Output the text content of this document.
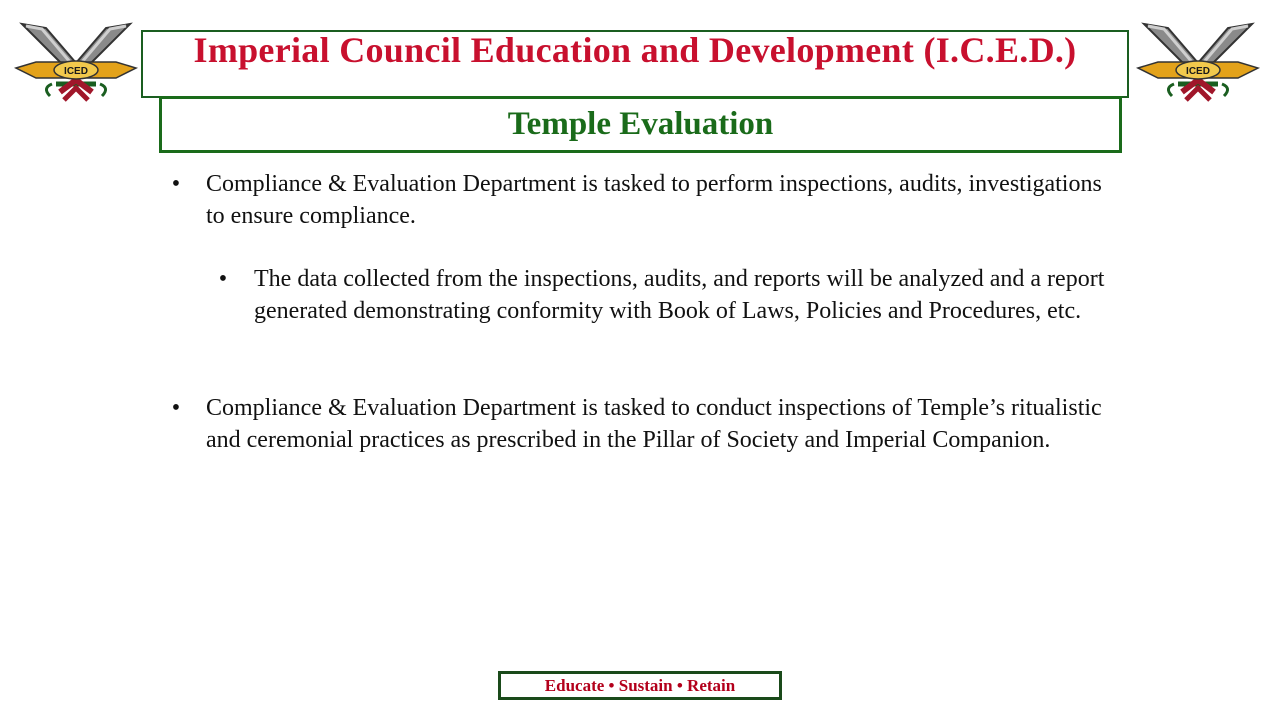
ICED	ICED
Imperial Council Education and Development (I.C.E.D.)
Temple Evaluation
• Compliance & Evaluation Department is tasked to perform inspections, audits, investigations to ensure compliance.
• The data collected from the inspections, audits, and reports will be analyzed and a report generated demonstrating conformity with Book of Laws, Policies and Procedures, etc.
• Compliance & Evaluation Department is tasked to conduct inspections of Temple’s ritualistic and ceremonial practices as prescribed in the Pillar of Society and Imperial Companion.
Educate • Sustain • Retain
